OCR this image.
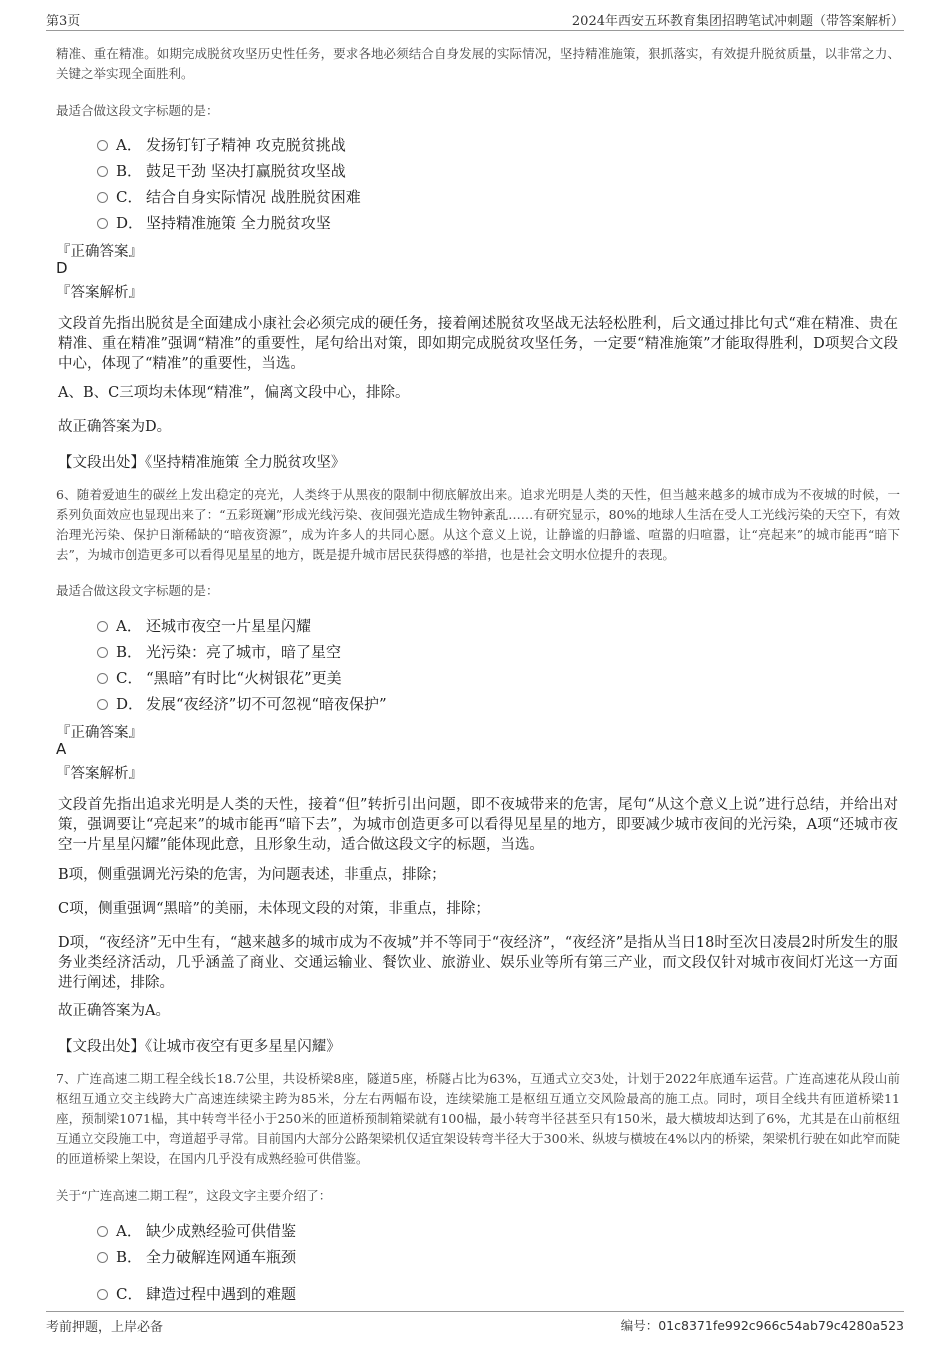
第3页	2024年西安五环教育集团招聘笔试冲刺题（带答案解析）
精准、重在精准。如期完成脱贫攻坚历史性任务，要求各地必须结合自身发展的实际情况，坚持精准施策，狠抓落实，有效提升脱贫质量，以非常之力、关键之举实现全面胜利。
最适合做这段文字标题的是：
A． 发扬钉钉子精神 攻克脱贫挑战
B． 鼓足干劲 坚决打赢脱贫攻坚战
C． 结合自身实际情况 战胜脱贫困难
D． 坚持精准施策 全力脱贫攻坚
『正确答案』
D
『答案解析』
文段首先指出脱贫是全面建成小康社会必须完成的硬任务，接着阐述脱贫攻坚战无法轻松胜利，后文通过排比句式“难在精准、贵在精准、重在精准”强调“精准”的重要性，尾句给出对策，即如期完成脱贫攻坚任务，一定要“精准施策”才能取得胜利，D项契合文段中心，体现了“精准”的重要性，当选。
A、B、C三项均未体现“精准”，偏离文段中心，排除。
故正确答案为D。
【文段出处】《坚持精准施策 全力脱贫攻坚》
6、随着爱迪生的碳丝上发出稳定的亮光，人类终于从黑夜的限制中彻底解放出来。追求光明是人类的天性，但当越来越多的城市成为不夜城的时候，一系列负面效应也显现出来了：“五彩斑斓”形成光线污染、夜间强光造成生物钟紊乱……有研究显示，80%的地球人生活在受人工光线污染的天空下，有效治理光污染、保护日渐稀缺的“暗夜资源”，成为许多人的共同心愿。从这个意义上说，让静谧的归静谧、喧嚣的归喧嚣，让“亮起来”的城市能再“暗下去”，为城市创造更多可以看得见星星的地方，既是提升城市居民获得感的举措，也是社会文明水位提升的表现。
最适合做这段文字标题的是：
A． 还城市夜空一片星星闪耀
B． 光污染：亮了城市，暗了星空
C． “黑暗”有时比“火树银花”更美
D． 发展“夜经济”切不可忽视“暗夜保护”
『正确答案』
A
『答案解析』
文段首先指出追求光明是人类的天性，接着“但”转折引出问题，即不夜城带来的危害，尾句“从这个意义上说”进行总结，并给出对策，强调要让“亮起来”的城市能再“暗下去”，为城市创造更多可以看得见星星的地方，即要减少城市夜间的光污染，A项“还城市夜空一片星星闪耀”能体现此意，且形象生动，适合做这段文字的标题，当选。
B项，侧重强调光污染的危害，为问题表述，非重点，排除；
C项，侧重强调“黑暗”的美丽，未体现文段的对策，非重点，排除；
D项，“夜经济”无中生有，“越来越多的城市成为不夜城”并不等同于“夜经济”，“夜经济”是指从当日18时至次日凌晨2时所发生的服务业类经济活动，几乎涵盖了商业、交通运输业、餐饮业、旅游业、娱乐业等所有第三产业，而文段仅针对城市夜间灯光这一方面进行阐述，排除。
故正确答案为A。
【文段出处】《让城市夜空有更多星星闪耀》
7、广连高速二期工程全线长18.7公里，共设桥梁8座，隧道5座，桥隧占比为63%，互通式立交3处，计划于2022年底通车运营。广连高速花从段山前枢纽互通立交主线跨大广高速连续梁主跨为85米，分左右两幅布设，连续梁施工是枢纽互通立交风险最高的施工点。同时，项目全线共有匝道桥梁11座，预制梁1071榀，其中转弯半径小于250米的匝道桥预制箱梁就有100榀，最小转弯半径甚至只有150米，最大横坡却达到了6%，尤其是在山前枢纽互通立交段施工中，弯道超乎寻常。目前国内大部分公路架梁机仅适宜架设转弯半径大于300米、纵坡与横坡在4%以内的桥梁，架梁机行驶在如此窄而陡的匝道桥梁上架设，在国内几乎没有成熟经验可供借鉴。
关于“广连高速二期工程”，这段文字主要介绍了：
A． 缺少成熟经验可供借鉴
B． 全力破解连网通车瓶颈
C． 肆造过程中遇到的难题
考前押题，上岸必备	编号：01c8371fe992c966c54ab79c4280a523
